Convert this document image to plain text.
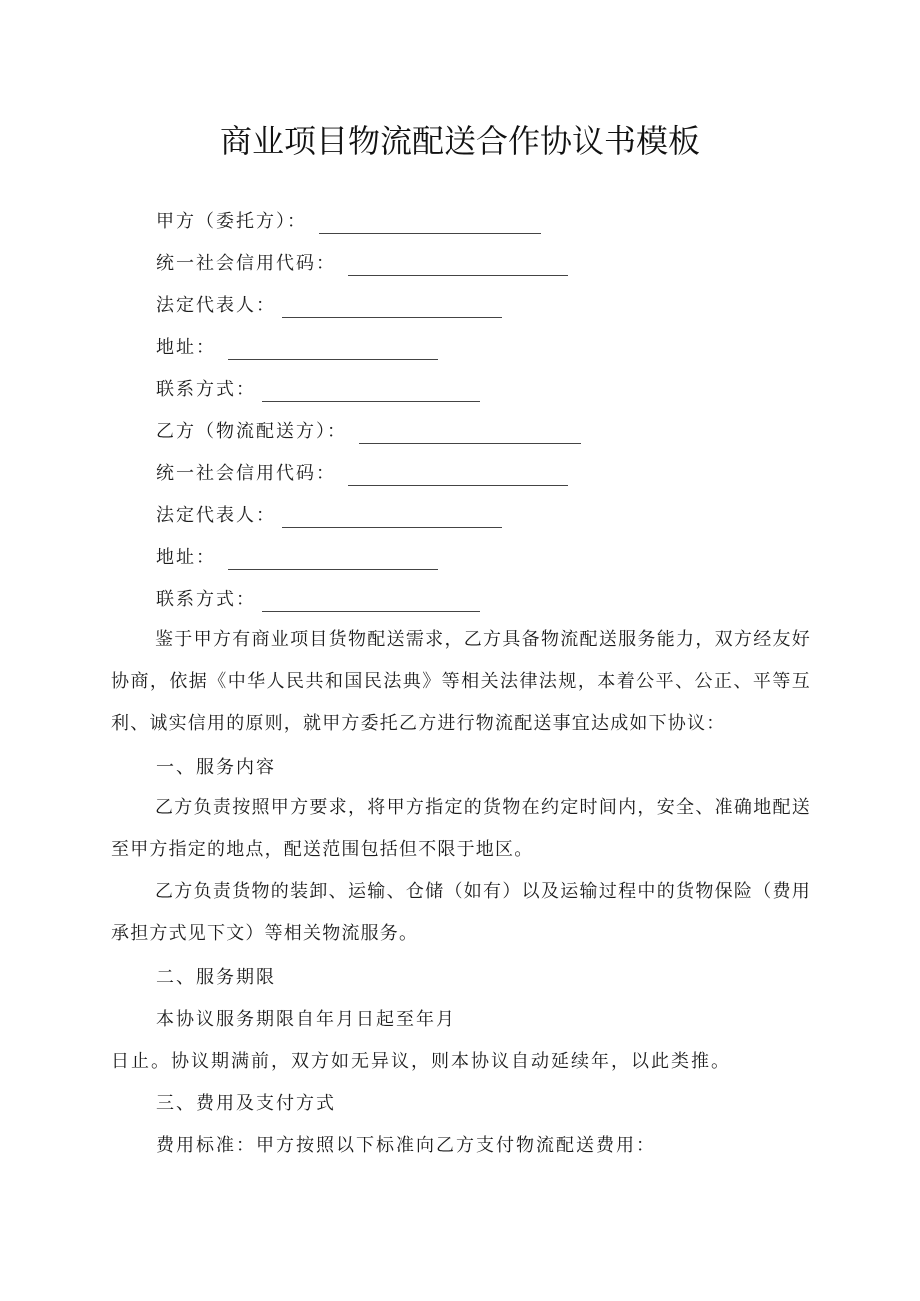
商业项目物流配送合作协议书模板
甲方（委托方）：
统一社会信用代码：
法定代表人：
地址：
联系方式：
乙方（物流配送方）：
统一社会信用代码：
法定代表人：
地址：
联系方式：
鉴于甲方有商业项目货物配送需求，乙方具备物流配送服务能力，双方经友好协商，依据《中华人民共和国民法典》等相关法律法规，本着公平、公正、平等互利、诚实信用的原则，就甲方委托乙方进行物流配送事宜达成如下协议：
一、服务内容
乙方负责按照甲方要求，将甲方指定的货物在约定时间内，安全、准确地配送至甲方指定的地点，配送范围包括但不限于地区。
乙方负责货物的装卸、运输、仓储（如有）以及运输过程中的货物保险（费用承担方式见下文）等相关物流服务。
二、服务期限
本协议服务期限自年月日起至年月
日止。协议期满前，双方如无异议，则本协议自动延续年，以此类推。
三、费用及支付方式
费用标准：甲方按照以下标准向乙方支付物流配送费用：
